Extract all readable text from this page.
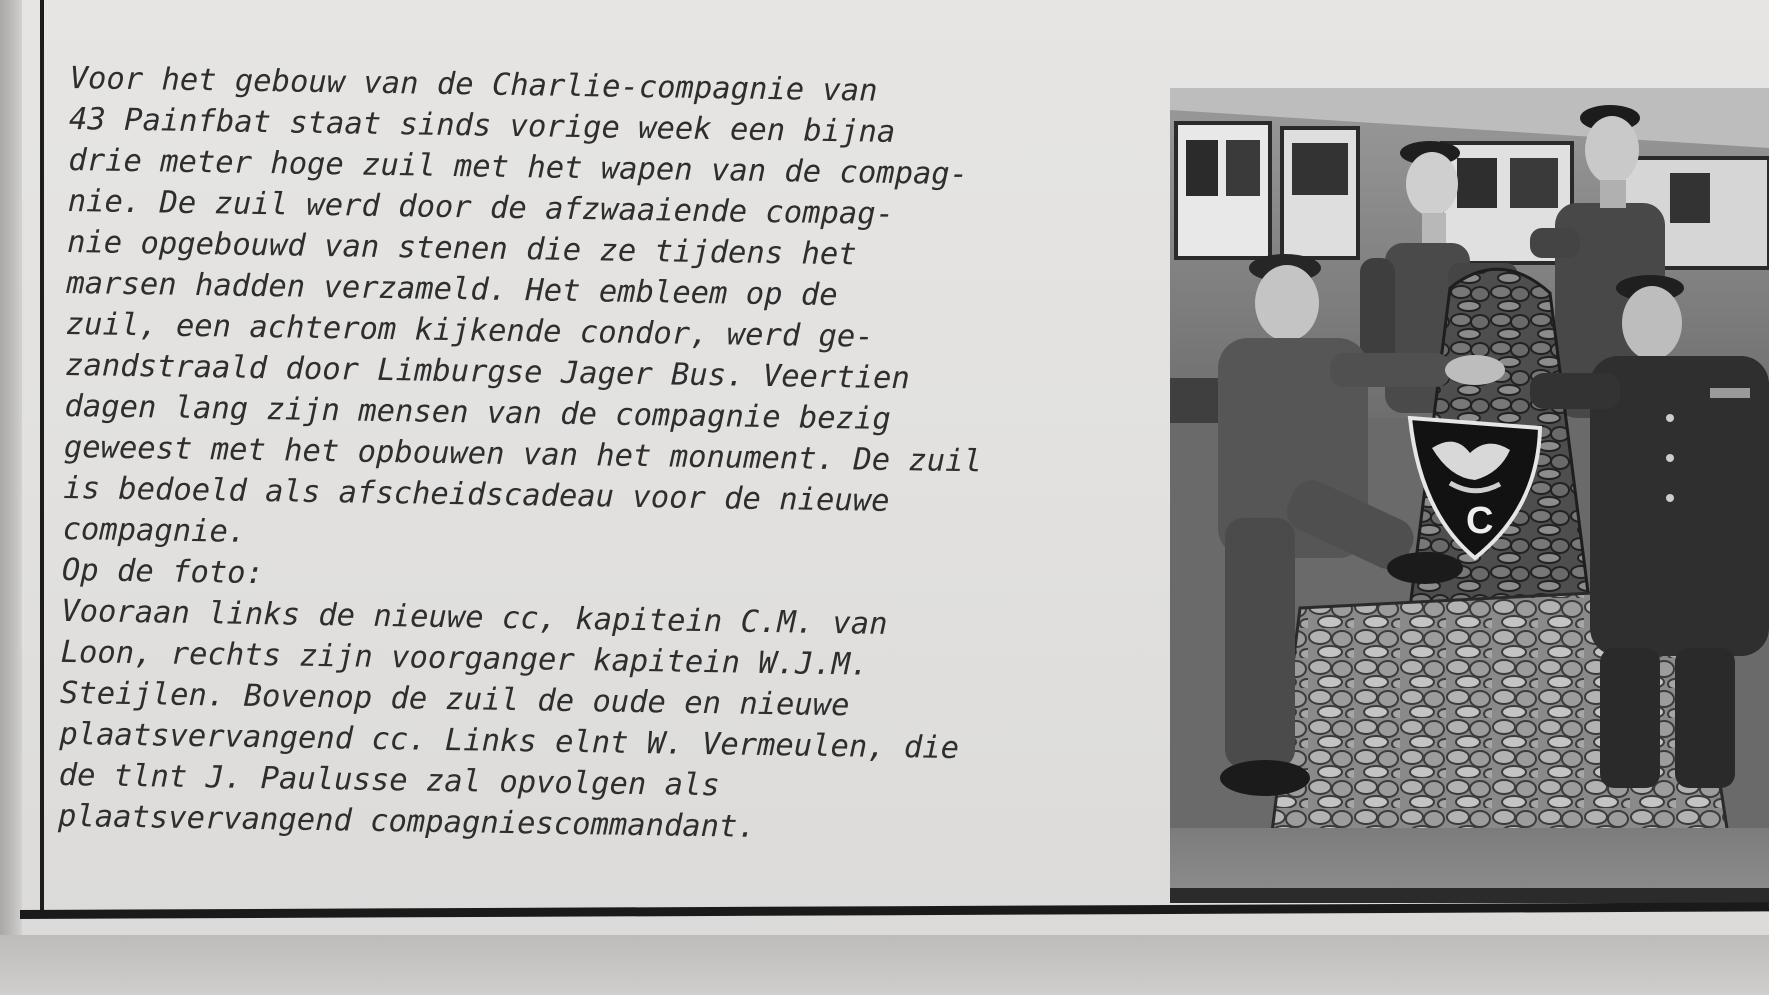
Voor het gebouw van de Charlie-compagnie van
43 Painfbat staat sinds vorige week een bijna
drie meter hoge zuil met het wapen van de compag-
nie. De zuil werd door de afzwaaiende compag-
nie opgebouwd van stenen die ze tijdens het
marsen hadden verzameld. Het embleem op de
zuil, een achterom kijkende condor, werd ge-
zandstraald door Limburgse Jager Bus. Veertien
dagen lang zijn mensen van de compagnie bezig
geweest met het opbouwen van het monument. De zuil
is bedoeld als afscheidscadeau voor de nieuwe
compagnie.
Op de foto:
Vooraan links de nieuwe cc, kapitein C.M. van
Loon, rechts zijn voorganger kapitein W.J.M.
Steijlen. Bovenop de zuil de oude en nieuwe
plaatsvervangend cc. Links elnt W. Vermeulen, die
de tlnt J. Paulusse zal opvolgen als
plaatsvervangend compagniescommandant.
C
